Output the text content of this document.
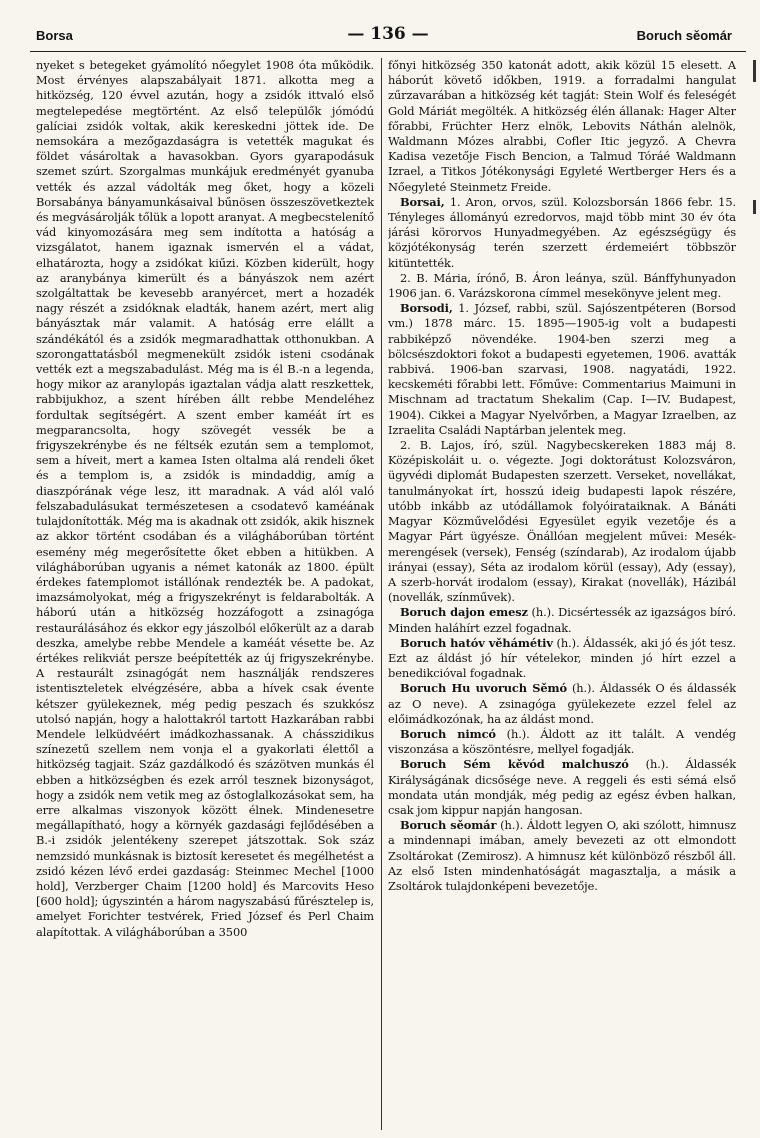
Borsa	— 136 —	Boruch sěomár

nyeket s betegeket gyámolító nőegylet 1908 óta működik. Most érvényes alapszabályait 1871. alkotta meg a hitközség, 120 évvel azután, hogy a zsidók ittvaló első megtelepedése megtörtént. Az első települők jómódú galíciai zsidók voltak, akik kereskedni jöttek ide. De nemsokára a mezőgazdaságra is vetették magukat és földet vásároltak a havasokban. Gyors gyarapodásuk szemet szúrt. Szorgalmas munkájuk eredményét gyanuba vették és azzal vádolták meg őket, hogy a közeli Borsabánya bányamunkásaival bűnösen összeszövetkeztek és megvásárolják tőlük a lopott aranyat. A megbecstelenítő vád kinyomozására meg sem indította a hatóság a vizsgálatot, hanem igaznak ismervén el a vádat, elhatározta, hogy a zsidókat kiűzi. Közben kiderült, hogy az aranybánya kimerült és a bányászok nem azért szolgáltattak be kevesebb aranyércet, mert a hozadék nagy részét a zsidóknak eladták, hanem azért, mert alig bányásztak már valamit. A hatóság erre elállt a szándékától és a zsidók megmaradhattak otthonukban. A szorongattatásból megmenekült zsidók isteni csodának vették ezt a megszabadulást. Még ma is él B.-n a legenda, hogy mikor az aranylopás igaztalan vádja alatt reszkettek, rabbijukhoz, a szent hírében állt rebbe Mendeléhez fordultak segítségért. A szent ember kaméát írt es megparancsolta, hogy szövegét vessék be a frigyszekrénybe és ne féltsék ezután sem a templomot, sem a híveit, mert a kamea Isten oltalma alá rendeli őket és a templom is, a zsidók is mindaddig, amíg a diaszpórának vége lesz, itt maradnak. A vád alól való felszabadulásukat természetesen a csodatevő kaméának tulajdonították. Még ma is akadnak ott zsidók, akik hisznek az akkor történt csodában és a világháborúban történt esemény még megerősítette őket ebben a hitükben. A világháborúban ugyanis a német katonák az 1800. épült érdekes fatemplomot istállónak rendezték be. A padokat, imazsámolyokat, még a frigyszekrényt is feldarabolták. A háború után a hitközség hozzáfogott a zsinagóga restaurálásához és ekkor egy jászolból előkerült az a darab deszka, amelybe rebbe Mendele a kaméát vésette be. Az értékes relikviát persze beépítették az új frigyszekrénybe. A restaurált zsinagógát nem használják rendszeres istentiszteletek elvégzésére, abba a hívek csak évente kétszer gyülekeznek, még pedig peszach és szukkósz utolsó napján, hogy a halottakról tartott Hazkarában rabbi Mendele lelküdvéért imádkozhassanak. A chásszidikus színezetű szellem nem vonja el a gyakorlati élettől a hitközség tagjait. Száz gazdálkodó és százötven munkás él ebben a hitközségben és ezek arról tesznek bizonyságot, hogy a zsidók nem vetik meg az őstoglalkozásokat sem, ha erre alkalmas viszonyok között élnek. Mindenesetre megállapítható, hogy a környék gazdasági fejlődésében a B.-i zsidók jelentékeny szerepet játszottak. Sok száz nemzsidó munkásnak is biztosít keresetet és megélhetést a zsidó kézen lévő erdei gazdaság: Steinmec Mechel [1000 hold], Verzberger Chaim [1200 hold] és Marcovits Heso [600 hold]; úgyszintén a három nagyszabású fűrésztelep is, amelyet Forichter testvérek, Fried József és Perl Chaim alapítottak. A világháborúban a 3500

főnyi hitközség 350 katonát adott, akik közül 15 elesett. A háborút követő időkben, 1919. a forradalmi hangulat zűrzavarában a hitközség két tagját: Stein Wolf és feleségét Gold Máriát megölték. A hitközség élén állanak: Hager Alter főrabbi, Früchter Herz elnök, Lebovits Náthán alelnök, Waldmann Mózes alrabbi, Cofler Itic jegyző. A Chevra Kadisa vezetője Fisch Bencion, a Talmud Tóráé Waldmann Izrael, a Titkos Jótékonysági Egyleté Wertberger Hers és a Nőegyleté Steinmetz Freide.

Borsai, 1. Aron, orvos, szül. Kolozsborsán 1866 febr. 15. Tényleges állományú ezredorvos, majd több mint 30 év óta járási körorvos Hunyadmegyében. Az egészségügy és közjótékonyság terén szerzett érdemeiért többször kitüntették.

2. B. Mária, írónő, B. Áron leánya, szül. Bánffyhunyadon 1906 jan. 6. Varázskorona címmel mesekönyve jelent meg.

Borsodi, 1. József, rabbi, szül. Sajószentpéteren (Borsod vm.) 1878 márc. 15. 1895—1905-ig volt a budapesti rabbiképző növendéke. 1904-ben szerzi meg a bölcsészdoktori fokot a budapesti egyetemen, 1906. avatták rabbivá. 1906-ban szarvasi, 1908. nagyatádi, 1922. kecskeméti főrabbi lett. Főműve: Commentarius Maimuni in Mischnam ad tractatum Shekalim (Cap. I—IV. Budapest, 1904). Cikkei a Magyar Nyelvőrben, a Magyar Izraelben, az Izraelita Családi Naptárban jelentek meg.

2. B. Lajos, író, szül. Nagybecskereken 1883 máj 8. Középiskoláit u. o. végezte. Jogi doktorátust Kolozsváron, ügyvédi diplomát Budapesten szerzett. Verseket, novellákat, tanulmányokat írt, hosszú ideig budapesti lapok részére, utóbb inkább az utódállamok folyóirataiknak. A Bánáti Magyar Közművelődési Egyesület egyik vezetője és a Magyar Párt ügyésze. Önállóan megjelent művei: Mesék-merengések (versek), Fenség (színdarab), Az irodalom újabb irányai (essay), Séta az irodalom körül (essay), Ady (essay), A szerb-horvát irodalom (essay), Kirakat (novellák), Házibál (novellák, színművek).

Boruch dajon emesz (h.). Dicsértessék az igazságos bíró. Minden haláhírt ezzel fogadnak.

Boruch hatóv věhámétiv (h.). Áldassék, aki jó és jót tesz. Ezt az áldást jó hír vételekor, minden jó hírt ezzel a benedikcióval fogadnak.

Boruch Hu uvoruch Sěmó (h.). Áldassék O és áldassék az O neve). A zsinagóga gyülekezete ezzel felel az előimádkozónak, ha az áldást mond.

Boruch nimcó (h.). Áldott az itt talált. A vendég viszonzása a köszöntésre, mellyel fogadják.

Boruch Sém kěvód malchuszó (h.). Áldassék Királyságának dicsősége neve. A reggeli és esti sémá első mondata után mondják, még pedig az egész évben halkan, csak jom kippur napján hangosan.

Boruch sěomár (h.). Áldott legyen O, aki szólott, himnusz a mindennapi imában, amely bevezeti az ott elmondott Zsoltárokat (Zemirosz). A himnusz két különböző részből áll. Az első Isten mindenhatóságát magasztalja, a másik a Zsoltárok tulajdonképeni bevezetője.
